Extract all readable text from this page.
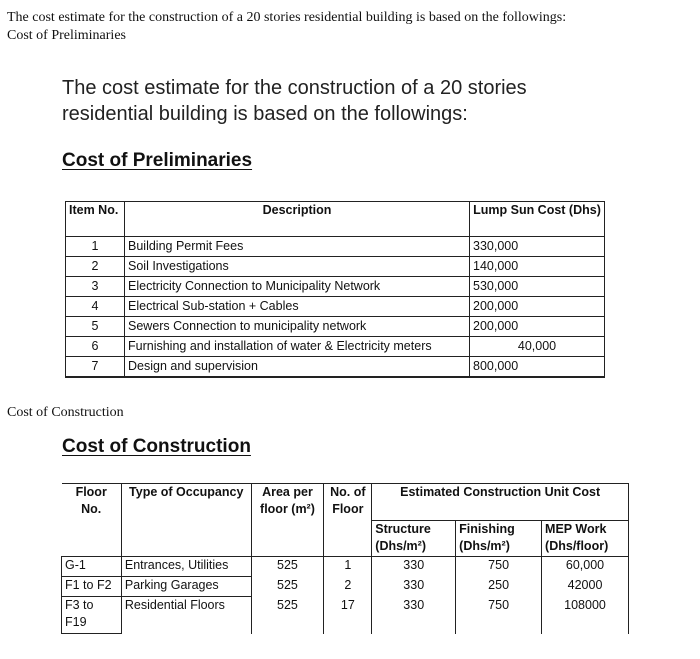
The cost estimate for the construction of a 20 stories residential building is based on the followings:
Cost of Preliminaries
The cost estimate for the construction of a 20 stories residential building is based on the followings:
Cost of Preliminaries
Item No.	Description	Lump Sun Cost (Dhs)
1	Building Permit Fees	330,000
2	Soil Investigations	140,000
3	Electricity Connection to Municipality Network	530,000
4	Electrical Sub-station + Cables	200,000
5	Sewers Connection to municipality network	200,000
6	Furnishing and installation of water & Electricity meters	40,000
7	Design and supervision	800,000
Cost of Construction
Cost of Construction
Floor No.	Type of Occupancy	Area per floor (m²)	No. of Floor	Estimated Construction Unit Cost		
				Structure (Dhs/m²)	Finishing (Dhs/m²)	MEP Work (Dhs/floor)
G-1	Entrances, Utilities	525	1	330	750	60,000
F1 to F2	Parking Garages	525	2	330	250	42000
F3 to F19	Residential Floors	525	17	330	750	108000
